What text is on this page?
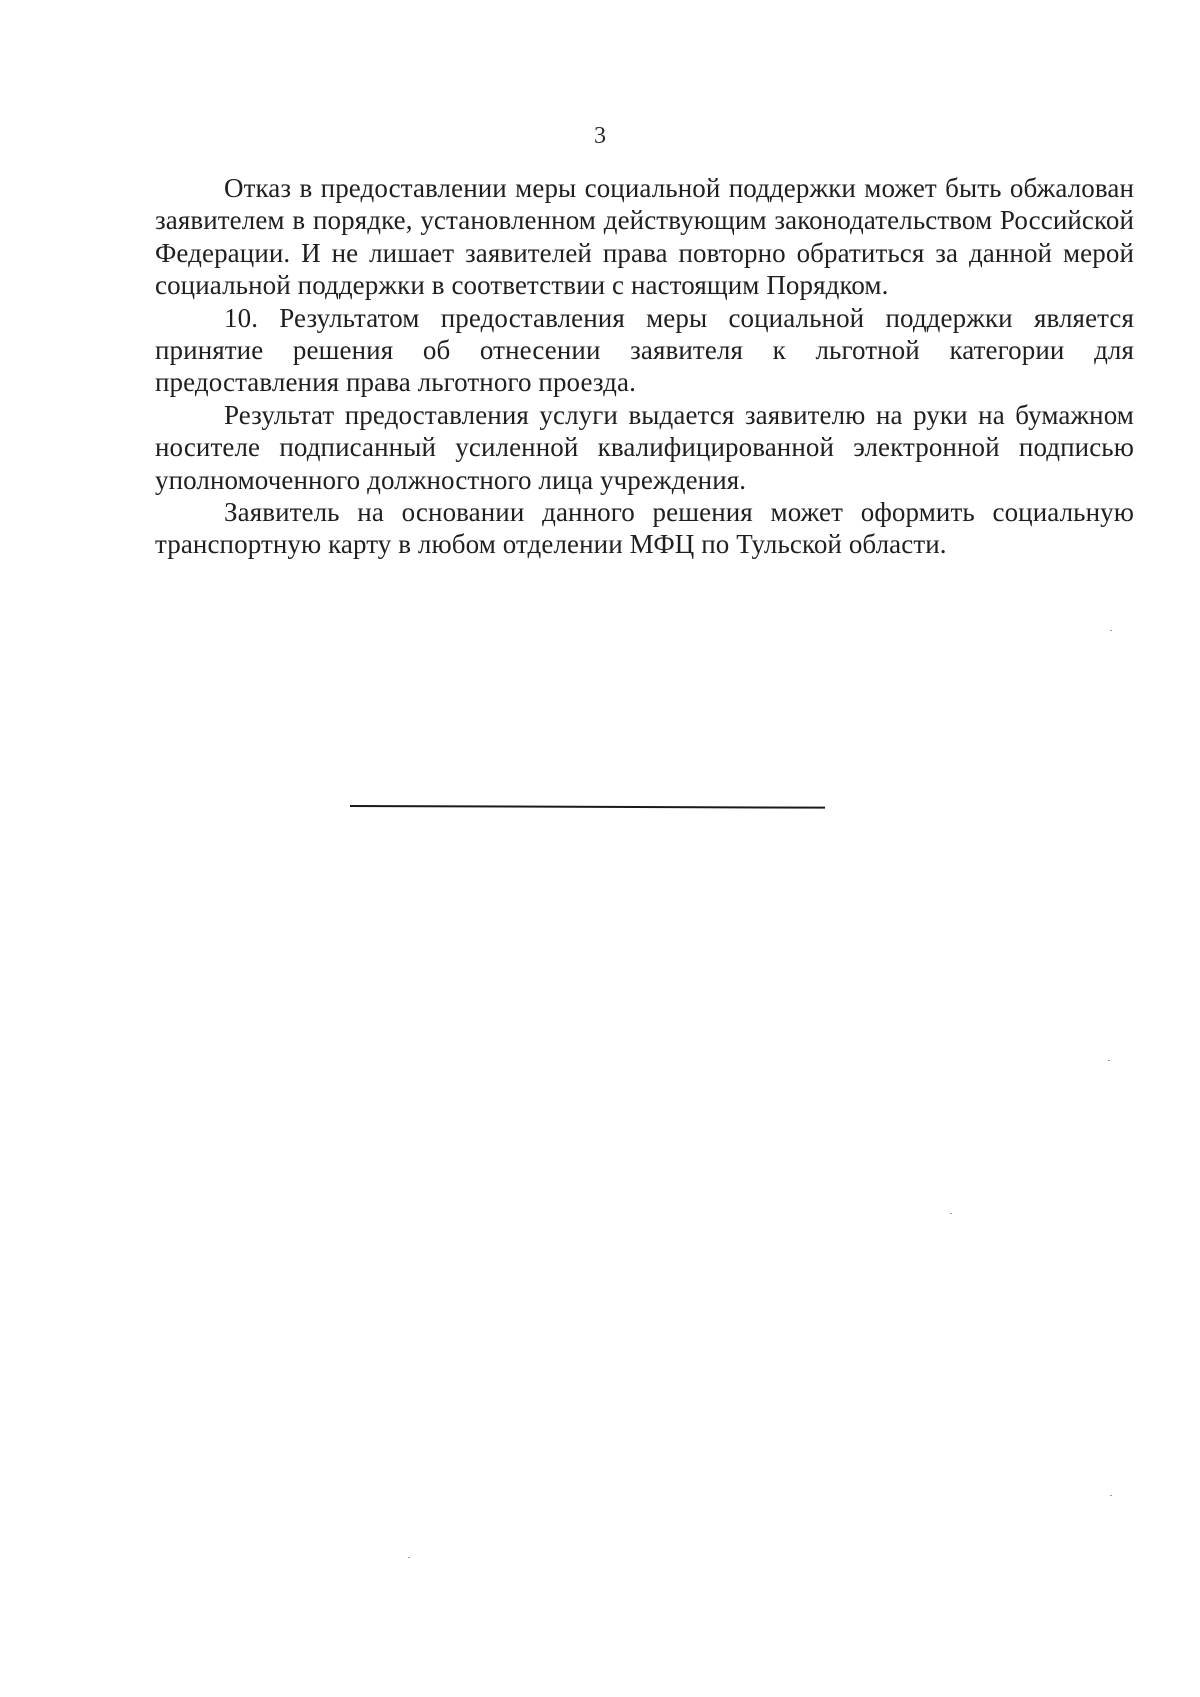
3

Отказ в предоставлении меры социальной поддержки может быть обжалован заявителем в порядке, установленном действующим законодательством Российской Федерации. И не лишает заявителей права повторно обратиться за данной мерой социальной поддержки в соответствии с настоящим Порядком.

10. Результатом предоставления меры социальной поддержки является принятие решения об отнесении заявителя к льготной категории для предоставления права льготного проезда.

Результат предоставления услуги выдается заявителю на руки на бумажном носителе подписанный усиленной квалифицированной электронной подписью уполномоченного должностного лица учреждения.

Заявитель на основании данного решения может оформить социальную транспортную карту в любом отделении МФЦ по Тульской области.
